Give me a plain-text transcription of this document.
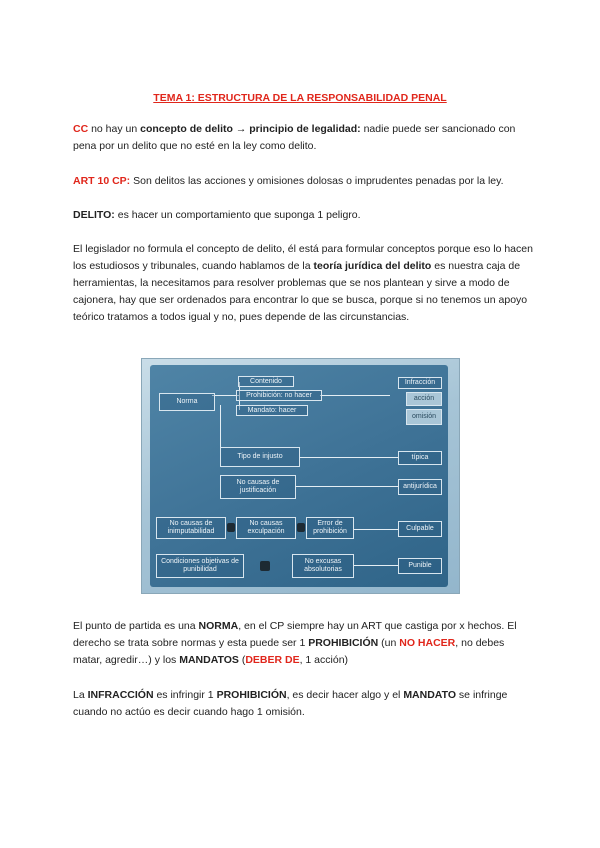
TEMA 1: ESTRUCTURA DE LA RESPONSABILIDAD PENAL

CC no hay un concepto de delito → principio de legalidad: nadie puede ser sancionado con pena por un delito que no esté en la ley como delito.

ART 10 CP: Son delitos las acciones y omisiones dolosas o imprudentes penadas por la ley.

DELITO: es hacer un comportamiento que suponga 1 peligro.

El legislador no formula el concepto de delito, él está para formular conceptos porque eso lo hacen los estudiosos y tribunales, cuando hablamos de la teoría jurídica del delito es nuestra caja de herramientas, la necesitamos para resolver problemas que se nos plantean y sirve a modo de cajonera, hay que ser ordenados para encontrar lo que se busca, porque si no tenemos un apoyo teórico tratamos a todos igual y no, pues depende de las circunstancias.

Norma
Contenido
Prohibición: no hacer
Mandato: hacer
Infracción
acción
omisión
Tipo de injusto	típica
No causas de justificación
antijurídica
No causas de inimputabilidad
No causas exculpación
Error de prohibición	Culpable
Condiciones objetivas de punibilidad
No excusas absolutorias
Punible

El punto de partida es una NORMA, en el CP siempre hay un ART que castiga por x hechos. El derecho se trata sobre normas y esta puede ser 1 PROHIBICIÓN (un NO HACER, no debes matar, agredir…) y los MANDATOS (DEBER DE, 1 acción)

La INFRACCIÓN es infringir 1 PROHIBICIÓN, es decir hacer algo y el MANDATO se infringe cuando no actúo es decir cuando hago 1 omisión.
